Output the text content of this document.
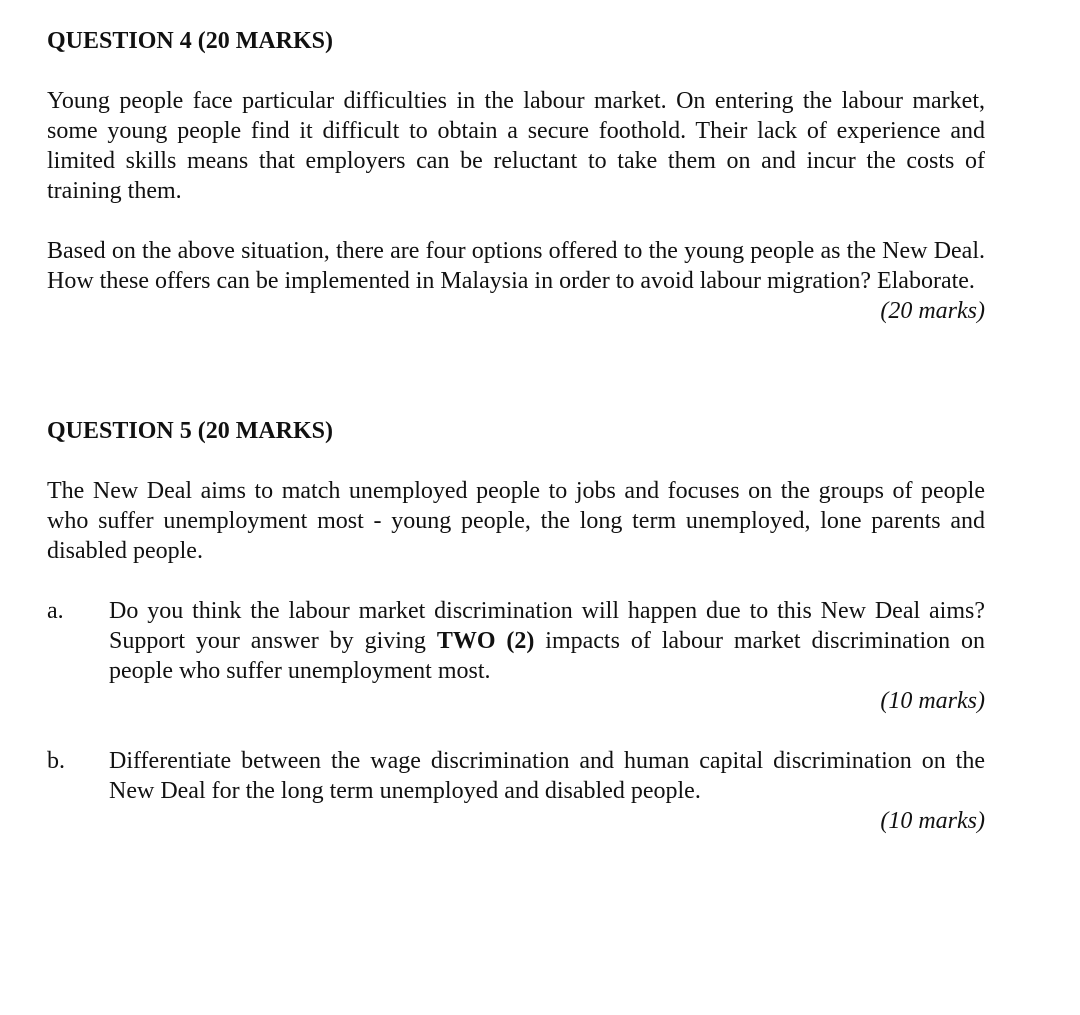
QUESTION 4 (20 MARKS)

Young people face particular difficulties in the labour market. On entering the labour market, some young people find it difficult to obtain a secure foothold. Their lack of experience and limited skills means that employers can be reluctant to take them on and incur the costs of training them.

Based on the above situation, there are four options offered to the young people as the New Deal. How these offers can be implemented in Malaysia in order to avoid labour migration? Elaborate.

(20 marks)

QUESTION 5 (20 MARKS)

The New Deal aims to match unemployed people to jobs and focuses on the groups of people who suffer unemployment most - young people, the long term unemployed, lone parents and disabled people.

a.	Do you think the labour market discrimination will happen due to this New Deal aims? Support your answer by giving TWO (2) impacts of labour market discrimination on people who suffer unemployment most.

(10 marks)

b.	Differentiate between the wage discrimination and human capital discrimination on the New Deal for the long term unemployed and disabled people.

(10 marks)
